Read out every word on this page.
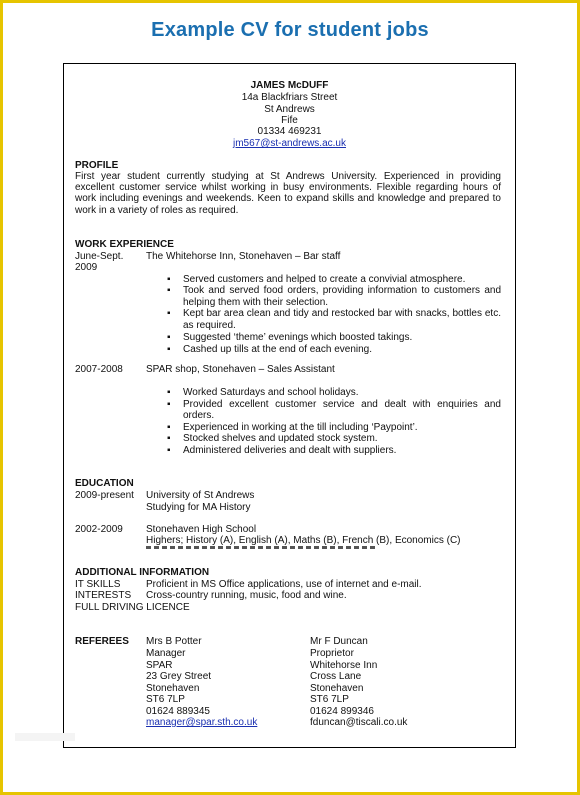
Example CV for student jobs
JAMES McDUFF
14a Blackfriars Street
St Andrews
Fife
01334 469231
jm567@st-andrews.ac.uk
PROFILE
First year student currently studying at St Andrews University. Experienced in providing
excellent customer service whilst working in busy environments. Flexible regarding hours of
work including evenings and weekends. Keen to expand skills and knowledge and prepared to
work in a variety of roles as required.
WORK EXPERIENCE
June-Sept.
2009
The Whitehorse Inn, Stonehaven – Bar staff
▪ Served customers and helped to create a convivial atmosphere.
▪ Took and served food orders, providing information to customers and
helping them with their selection.
▪ Kept bar area clean and tidy and restocked bar with snacks, bottles etc.
as required.
▪ Suggested ‘theme’ evenings which boosted takings.
▪ Cashed up tills at the end of each evening.
2007-2008 SPAR shop, Stonehaven – Sales Assistant
▪ Worked Saturdays and school holidays.
▪ Provided excellent customer service and dealt with enquiries and
orders.
▪ Experienced in working at the till including ‘Paypoint’.
▪ Stocked shelves and updated stock system.
▪ Administered deliveries and dealt with suppliers.
EDUCATION
2009-present University of St Andrews
Studying for MA History
2002-2009 Stonehaven High School
Highers; History (A), English (A), Maths (B), French (B), Economics (C)
ADDITIONAL INFORMATION
IT SKILLS	Proficient in MS Office applications, use of internet and e-mail.
INTERESTS Cross-country running, music, food and wine.
FULL DRIVING LICENCE
REFEREES Mrs B Potter
Manager
SPAR
23 Grey Street
Stonehaven
ST6 7LP
01624 889345
manager@spar.sth.co.uk
Mr F Duncan
Proprietor
Whitehorse Inn
Cross Lane
Stonehaven
ST6 7LP
01624 899346
fduncan@tiscali.co.uk
